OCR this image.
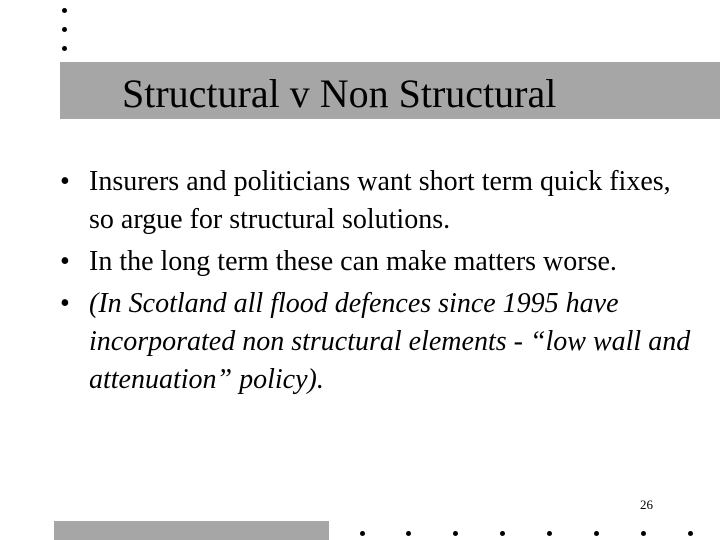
Structural v Non Structural
• Insurers and politicians want short term quick fixes, so argue for structural solutions.
• In the long term these can make matters worse.
• (In Scotland all flood defences since 1995 have incorporated non structural elements - “low wall and attenuation” policy).
26
